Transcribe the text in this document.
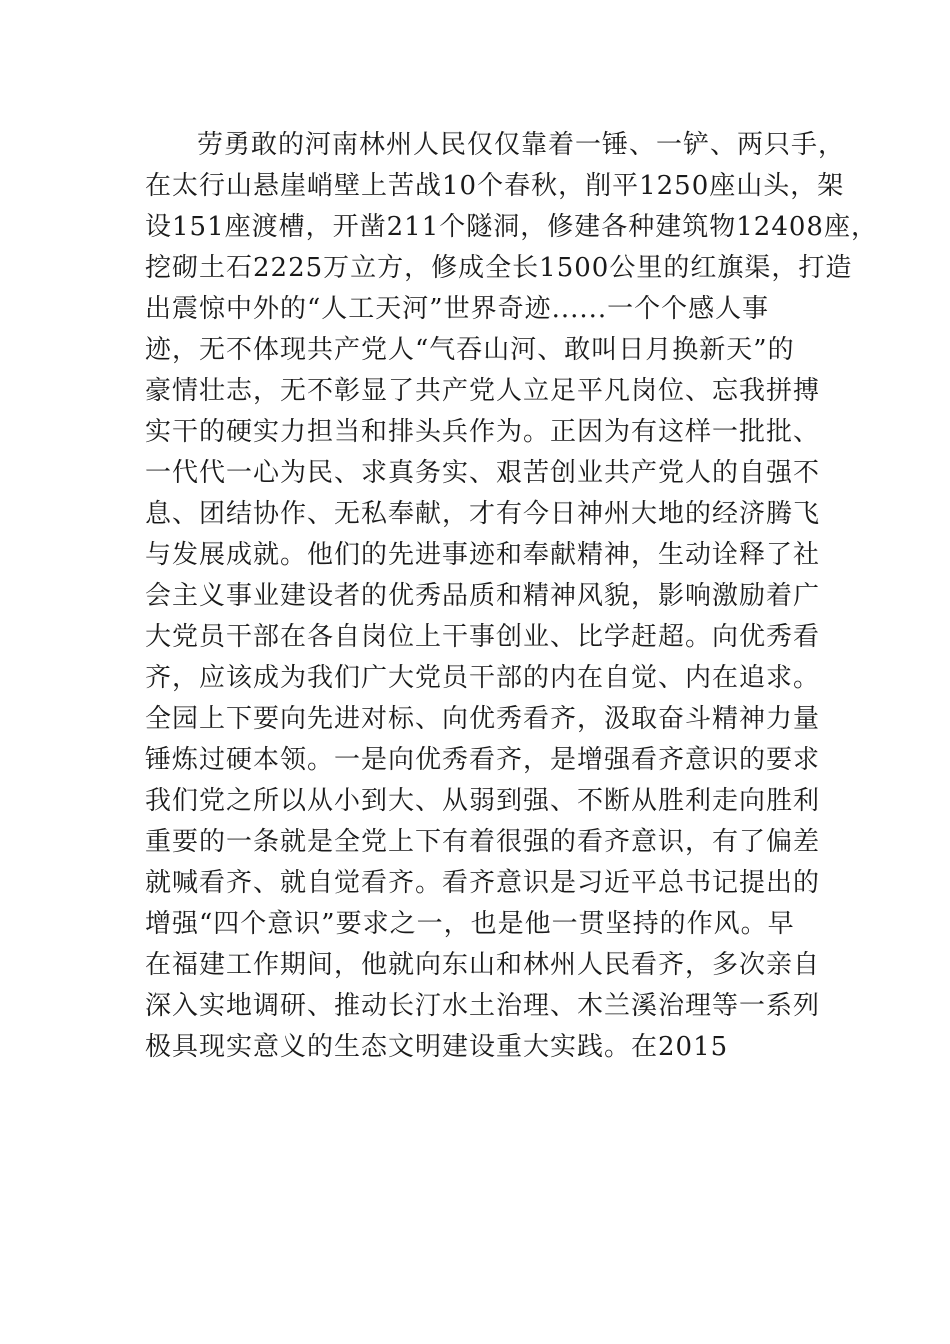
劳勇敢的河南林州人民仅仅靠着一锤、一铲、两只手，
在太行山悬崖峭壁上苦战10个春秋，削平1250座山头，架
设151座渡槽，开凿211个隧洞，修建各种建筑物12408座，
挖砌土石2225万立方，修成全长1500公里的红旗渠，打造
出震惊中外的“人工天河”世界奇迹......一个个感人事
迹，无不体现共产党人“气吞山河、敢叫日月换新天”的
豪情壮志，无不彰显了共产党人立足平凡岗位、忘我拼搏
实干的硬实力担当和排头兵作为。正因为有这样一批批、
一代代一心为民、求真务实、艰苦创业共产党人的自强不
息、团结协作、无私奉献，才有今日神州大地的经济腾飞
与发展成就。他们的先进事迹和奉献精神，生动诠释了社
会主义事业建设者的优秀品质和精神风貌，影响激励着广
大党员干部在各自岗位上干事创业、比学赶超。向优秀看
齐，应该成为我们广大党员干部的内在自觉、内在追求。
全园上下要向先进对标、向优秀看齐，汲取奋斗精神力量
锤炼过硬本领。一是向优秀看齐，是增强看齐意识的要求
我们党之所以从小到大、从弱到强、不断从胜利走向胜利
重要的一条就是全党上下有着很强的看齐意识，有了偏差
就喊看齐、就自觉看齐。看齐意识是习近平总书记提出的
增强“四个意识”要求之一，也是他一贯坚持的作风。早
在福建工作期间，他就向东山和林州人民看齐，多次亲自
深入实地调研、推动长汀水土治理、木兰溪治理等一系列
极具现实意义的生态文明建设重大实践。在2015
